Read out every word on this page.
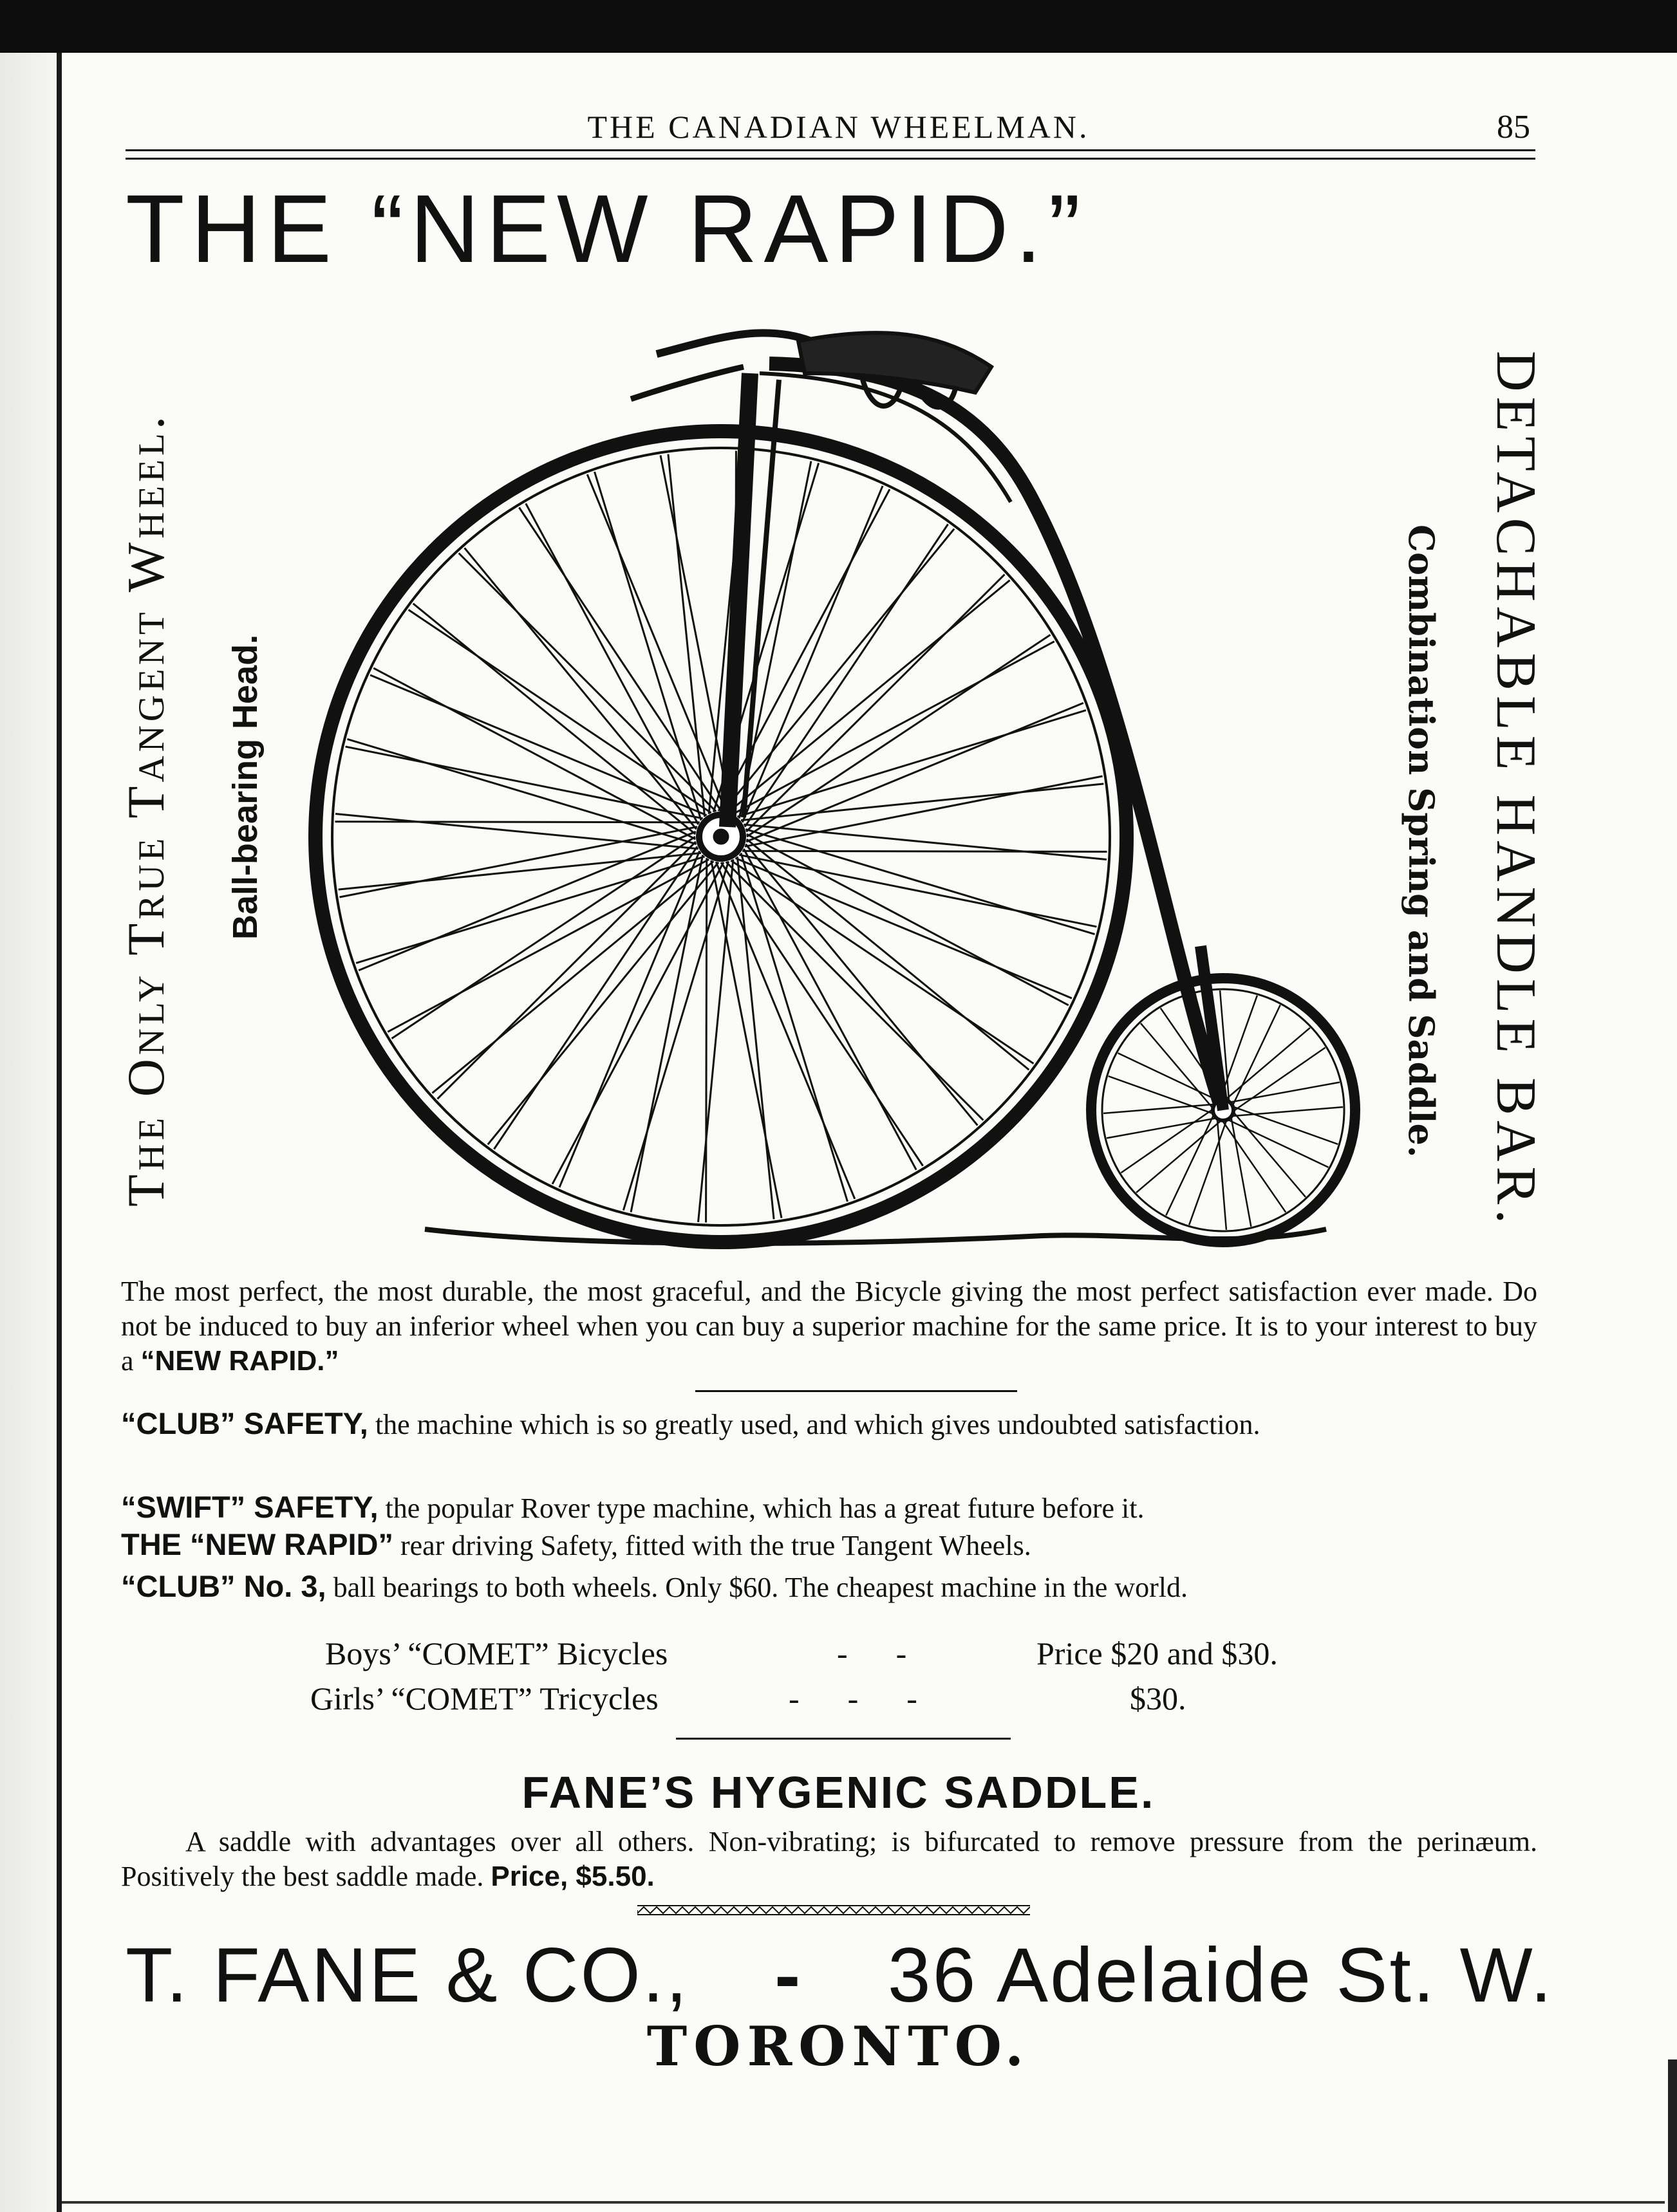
THE CANADIAN WHEELMAN.	85
THE “NEW RAPID.”
The Only True Tangent Wheel. Ball-bearing Head.	DETACHABLE HANDLE BAR.
Combination Spring and Saddle.
The most perfect, the most durable, the most graceful, and the Bicycle giving the most perfect satisfaction ever made. Do not be induced to buy an inferior wheel when you can buy a superior machine for the same price. It is to your interest to buy a “NEW RAPID.”
“CLUB” SAFETY, the machine which is so greatly used, and which gives undoubted satisfaction.
“SWIFT” SAFETY, the popular Rover type machine, which has a great future before it.
THE “NEW RAPID” rear driving Safety, fitted with the true Tangent Wheels.
“CLUB” No. 3, ball bearings to both wheels. Only $60. The cheapest machine in the world.
Boys’ “COMET” Bicycles	-      -	Price $20 and $30.
Girls’ “COMET” Tricycles	-      -      -	$30.
FANE’S HYGENIC SADDLE.
A saddle with advantages over all others. Non-vibrating; is bifurcated to remove pressure from the perinæum. Positively the best saddle made. Price, $5.50.
T. FANE & CO., - 36 Adelaide St. W.
TORONTO.
